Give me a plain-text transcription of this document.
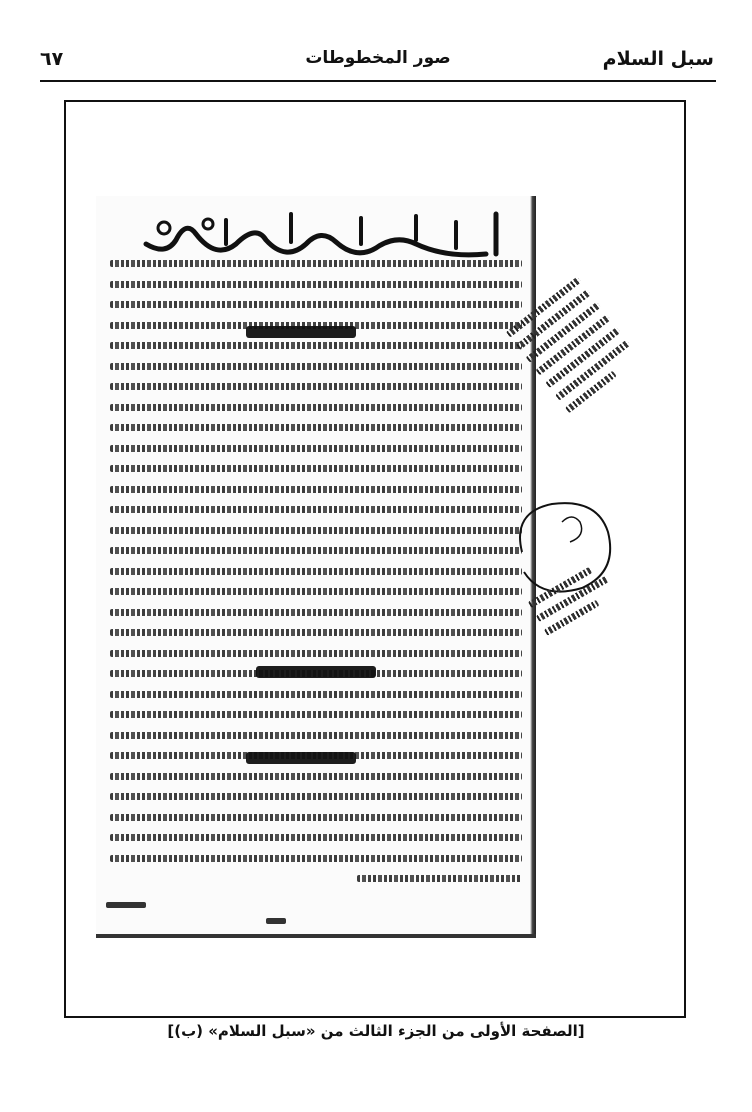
٦٧	صور المخطوطات	سبل السلام
[الصفحة الأولى من الجزء الثالث من «سبل السلام» (ب)]
